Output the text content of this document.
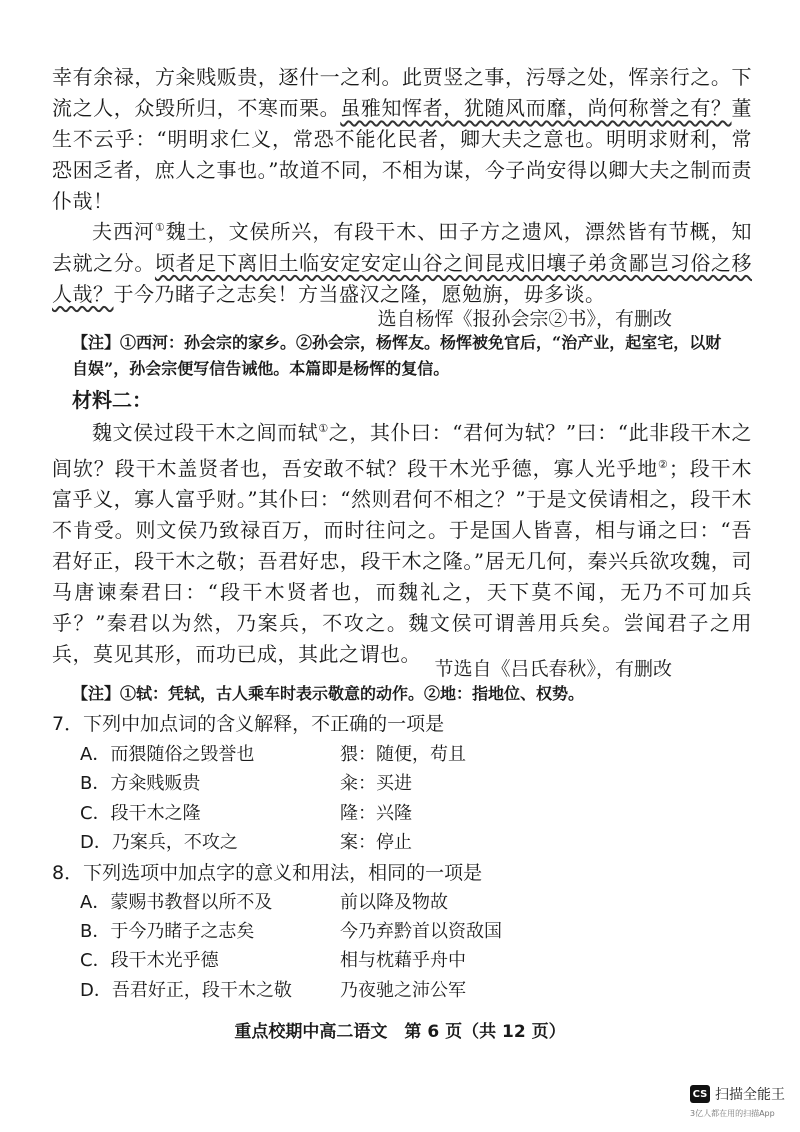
幸有余禄，方籴贱贩贵，逐什一之利。此贾竖之事，污辱之处，恽亲行之。下流之人，众毁所归，不寒而栗。虽雅知恽者，犹随风而靡，尚何称誉之有？董生不云乎：“明明求仁义，常恐不能化民者，卿大夫之意也。明明求财利，常恐困乏者，庶人之事也。”故道不同，不相为谋，今子尚安得以卿大夫之制而责仆哉！

夫西河①魏土，文侯所兴，有段干木、田子方之遗风，漂然皆有节概，知去就之分。顷者足下离旧土临安定安定山谷之间昆戎旧壤子弟贪鄙岂习俗之移人哉？于今乃睹子之志矣！方当盛汉之隆，愿勉旃，毋多谈。

选自杨恽《报孙会宗②书》，有删改

【注】①西河：孙会宗的家乡。②孙会宗，杨恽友。杨恽被免官后，“治产业，起室宅，以财自娱”，孙会宗便写信告诫他。本篇即是杨恽的复信。

材料二：

魏文侯过段干木之闾而轼①之，其仆曰：“君何为轼？”曰：“此非段干木之闾欤？段干木盖贤者也，吾安敢不轼？段干木光乎德，寡人光乎地②；段干木富乎义，寡人富乎财。”其仆曰：“然则君何不相之？”于是文侯请相之，段干木不肯受。则文侯乃致禄百万，而时往问之。于是国人皆喜，相与诵之曰：“吾君好正，段干木之敬；吾君好忠，段干木之隆。”居无几何，秦兴兵欲攻魏，司马唐谏秦君曰：“段干木贤者也，而魏礼之，天下莫不闻，无乃不可加兵乎？”秦君以为然，乃案兵，不攻之。魏文侯可谓善用兵矣。尝闻君子之用兵，莫见其形，而功已成，其此之谓也。

节选自《吕氏春秋》，有删改

【注】①轼：凭轼，古人乘车时表示敬意的动作。②地：指地位、权势。

7．下列中加点词的含义解释，不正确的一项是
A．而猥随俗之毁誉也	猥：随便，苟且
B．方籴贱贩贵	籴：买进
C．段干木之隆	隆：兴隆
D．乃案兵，不攻之	案：停止
8．下列选项中加点字的意义和用法，相同的一项是
A．蒙赐书教督以所不及	前以降及物故
B．于今乃睹子之志矣	今乃弃黔首以资敌国
C．段干木光乎德	相与枕藉乎舟中
D．吾君好正，段干木之敬	乃夜驰之沛公军
重点校期中高二语文　第 6 页（共 12 页）
CS 扫描全能王
3亿人都在用的扫描App
